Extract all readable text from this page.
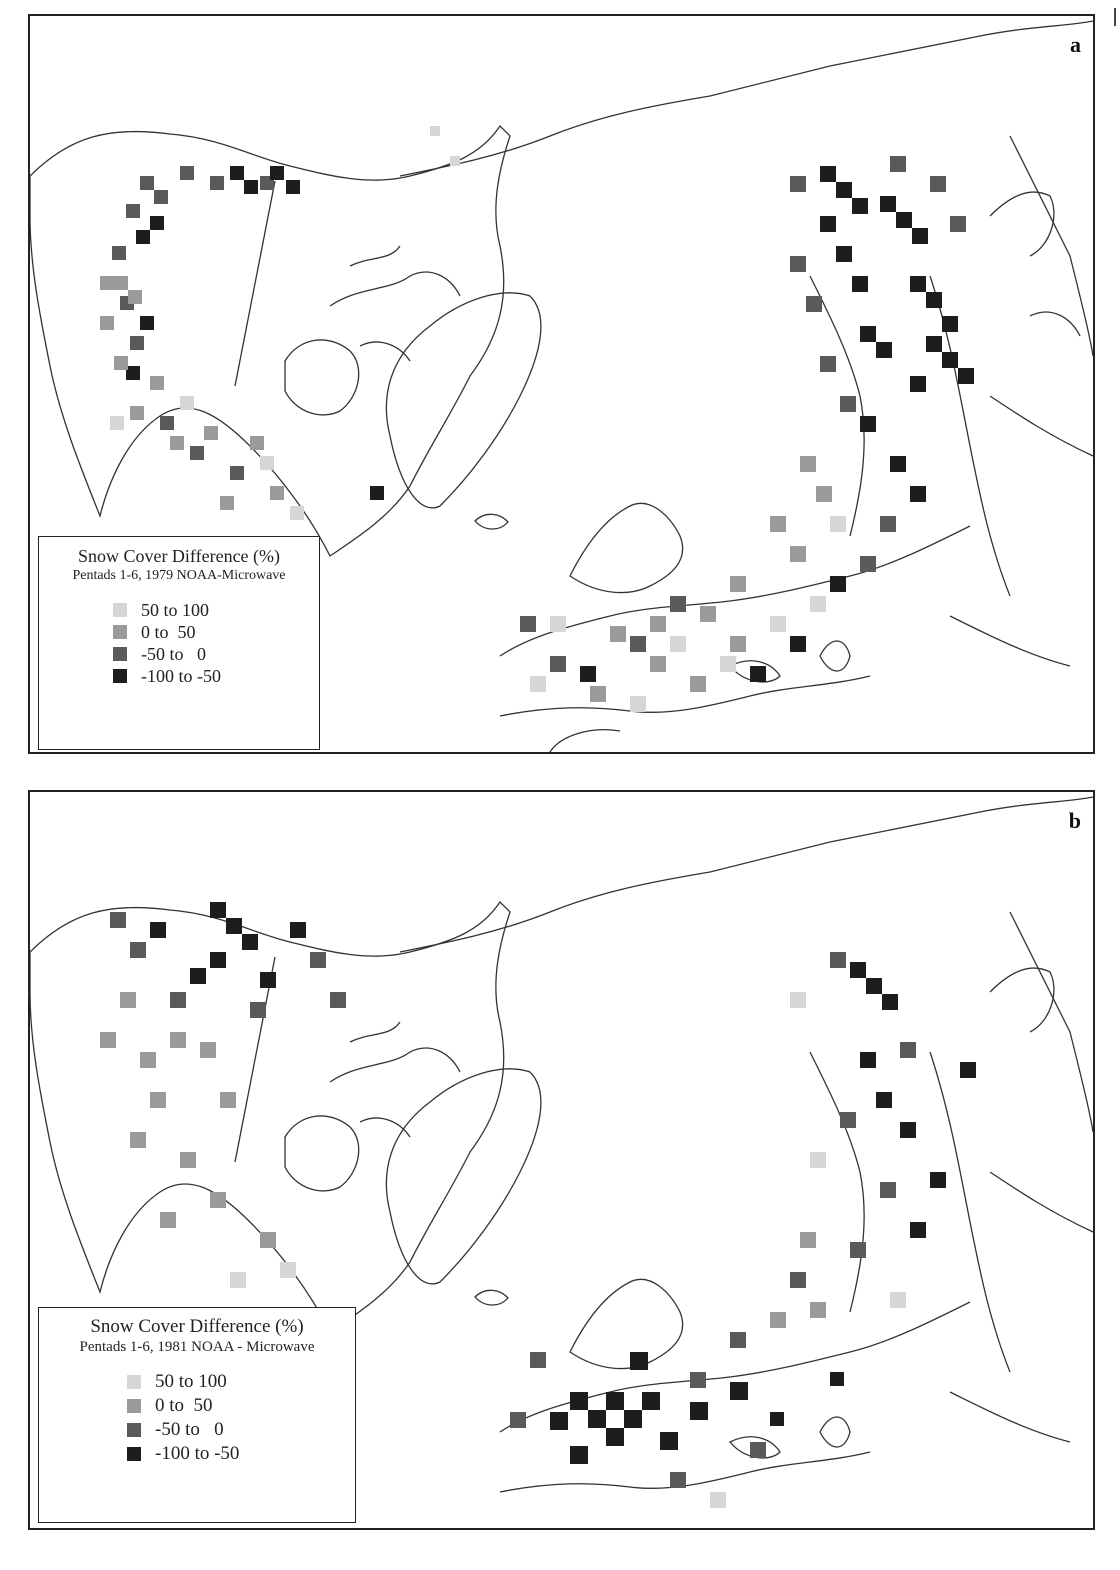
a
Snow Cover Difference (%)
Pentads 1-6, 1979 NOAA-Microwave
50 to 100
0 to  50
-50 to   0
-100 to -50
b
Snow Cover Difference (%)
Pentads 1-6, 1981 NOAA - Microwave
50 to 100
0 to  50
-50 to   0
-100 to -50
